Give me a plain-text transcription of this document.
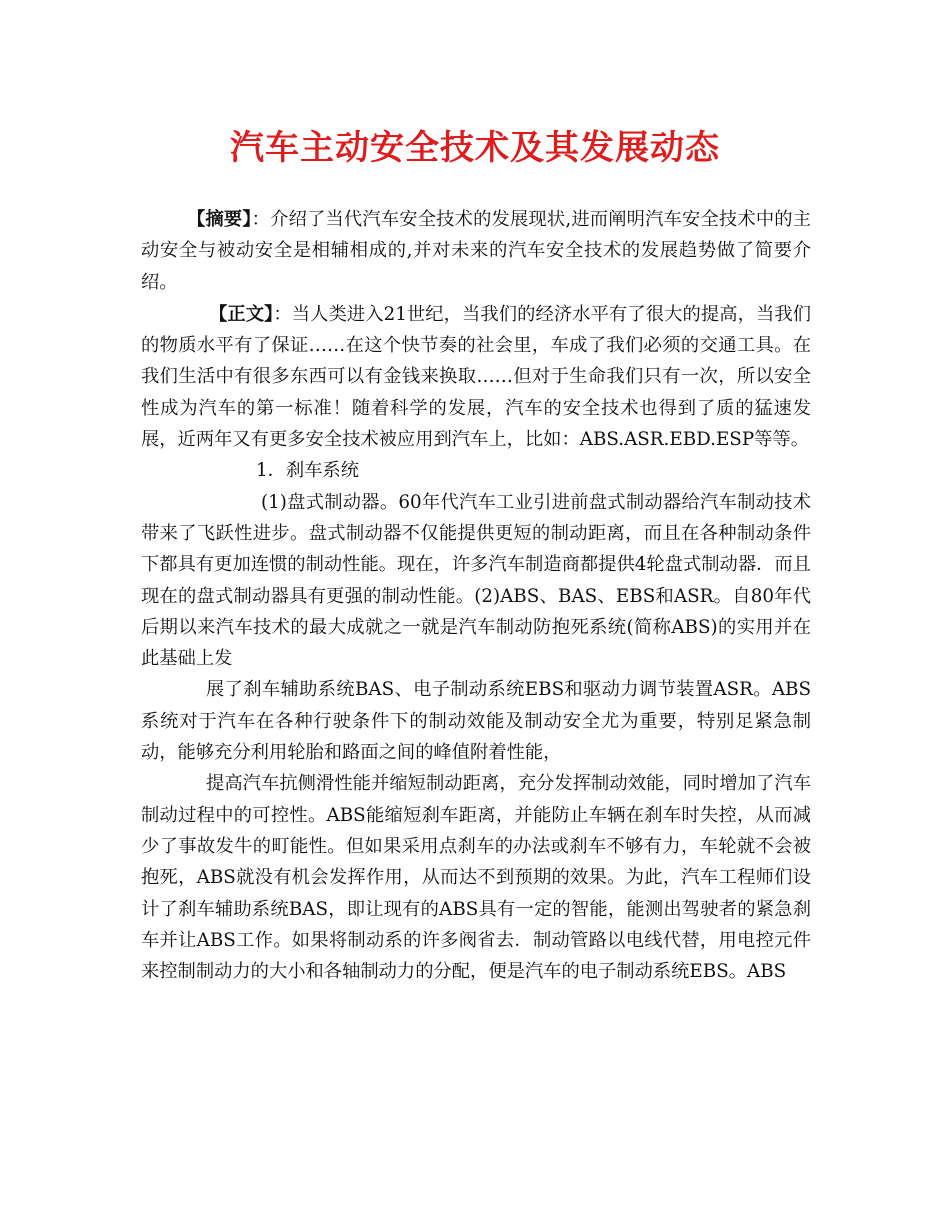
汽车主动安全技术及其发展动态

【摘要】：介绍了当代汽车安全技术的发展现状,进而阐明汽车安全技术中的主动安全与被动安全是相辅相成的,并对未来的汽车安全技术的发展趋势做了简要介绍。

【正文】：当人类进入21世纪，当我们的经济水平有了很大的提高，当我们的物质水平有了保证……在这个快节奏的社会里，车成了我们必须的交通工具。在我们生活中有很多东西可以有金钱来换取……但对于生命我们只有一次，所以安全性成为汽车的第一标准！随着科学的发展，汽车的安全技术也得到了质的猛速发展，近两年又有更多安全技术被应用到汽车上，比如：ABS.ASR.EBD.ESP等等。

1．刹车系统

(1)盘式制动器。60年代汽车工业引进前盘式制动器给汽车制动技术带来了飞跃性进步。盘式制动器不仅能提供更短的制动距离，而且在各种制动条件下都具有更加连惯的制动性能。现在，许多汽车制造商都提供4轮盘式制动器．而且现在的盘式制动器具有更强的制动性能。(2)ABS、BAS、EBS和ASR。自80年代后期以来汽车技术的最大成就之一就是汽车制动防抱死系统(简称ABS)的实用并在此基础上发

展了刹车辅助系统BAS、电子制动系统EBS和驱动力调节装置ASR。ABS系统对于汽车在各种行驶条件下的制动效能及制动安全尤为重要，特别足紧急制动，能够充分利用轮胎和路面之间的峰值附着性能，

提高汽车抗侧滑性能并缩短制动距离，充分发挥制动效能，同时增加了汽车制动过程中的可控性。ABS能缩短刹车距离，并能防止车辆在刹车时失控，从而减少了事故发牛的町能性。但如果采用点刹车的办法或刹车不够有力，车轮就不会被抱死，ABS就没有机会发挥作用，从而达不到预期的效果。为此，汽车工程师们设计了刹车辅助系统BAS，即让现有的ABS具有一定的智能，能测出驾驶者的紧急刹车并让ABS工作。如果将制动系的许多阀省去．制动管路以电线代替，用电控元件来控制制动力的大小和各轴制动力的分配，便是汽车的电子制动系统EBS。ABS
